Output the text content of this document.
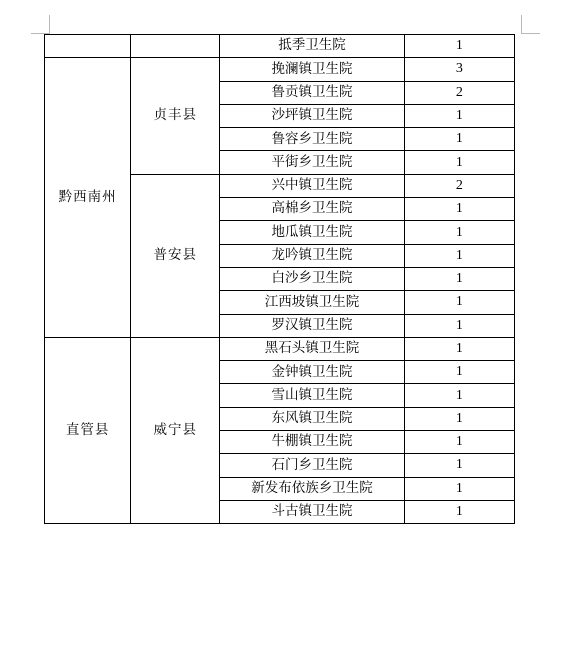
		抵季卫生院	1
黔西南州	贞丰县	挽澜镇卫生院	3
		鲁贡镇卫生院	2
		沙坪镇卫生院	1
		鲁容乡卫生院	1
		平街乡卫生院	1
	普安县	兴中镇卫生院	2
		高棉乡卫生院	1
		地瓜镇卫生院	1
		龙吟镇卫生院	1
		白沙乡卫生院	1
		江西坡镇卫生院	1
		罗汉镇卫生院	1
直管县	威宁县	黑石头镇卫生院	1
		金钟镇卫生院	1
		雪山镇卫生院	1
		东风镇卫生院	1
		牛棚镇卫生院	1
		石门乡卫生院	1
		新发布依族乡卫生院	1
		斗古镇卫生院	1
